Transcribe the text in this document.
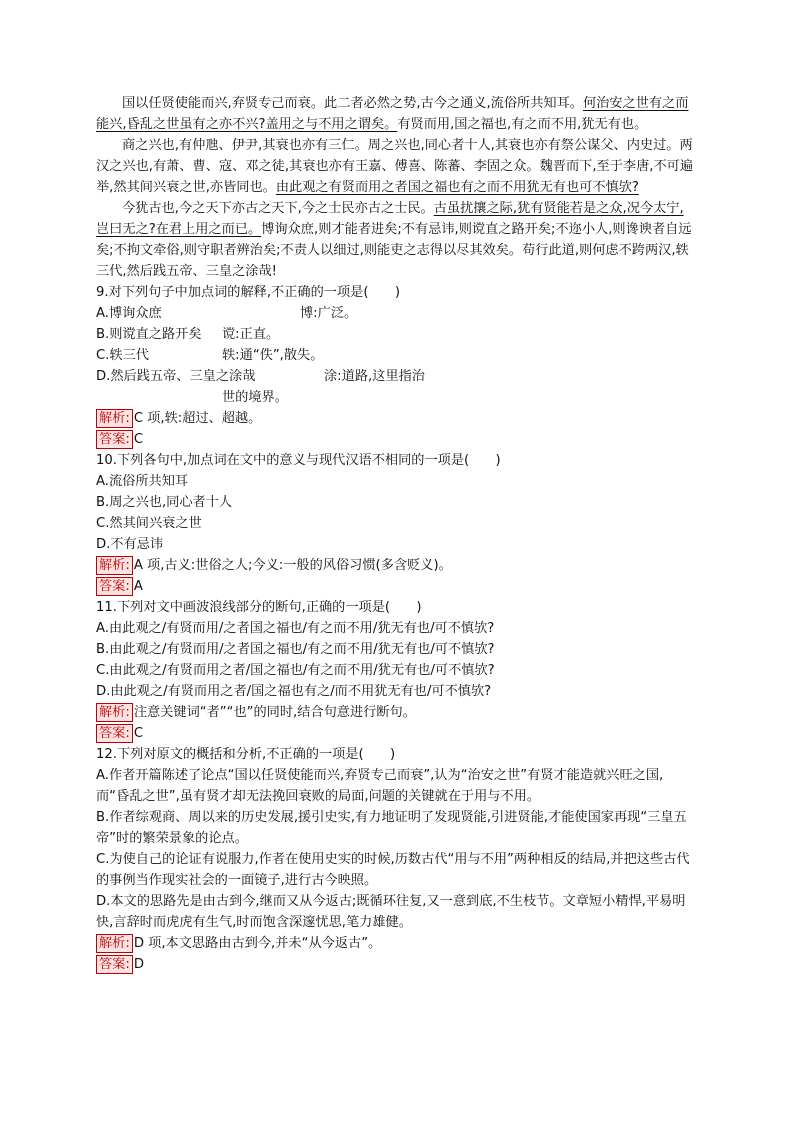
国以任贤使能而兴,弃贤专己而衰。此二者必然之势,古今之通义,流俗所共知耳。何治安之世有之而能兴,昏乱之世虽有之亦不兴?盖用之与不用之谓矣。有贤而用,国之福也,有之而不用,犹无有也。

商之兴也,有仲虺、伊尹,其衰也亦有三仁。周之兴也,同心者十人,其衰也亦有祭公谋父、内史过。两汉之兴也,有萧、曹、寇、邓之徒,其衰也亦有王嘉、傅喜、陈蕃、李固之众。魏晋而下,至于李唐,不可遍举,然其间兴衰之世,亦皆同也。由此观之有贤而用之者国之福也有之而不用犹无有也可不慎欤?

今犹古也,今之天下亦古之天下,今之士民亦古之士民。古虽扰攘之际,犹有贤能若是之众,况今太宁,岂曰无之?在君上用之而已。博询众庶,则才能者进矣;不有忌讳,则谠直之路开矣;不迩小人,则谗谀者自远矣;不拘文牵俗,则守职者辨治矣;不责人以细过,则能吏之志得以尽其效矣。苟行此道,则何虑不跨两汉,轶三代,然后践五帝、三皇之涂哉!

9.对下列句子中加点词的解释,不正确的一项是(　　)

A.博询众庶	博:广泛。

B.则谠直之路开矣 谠:正直。

C.轶三代	轶:通“佚”,散失。

D.然后践五帝、三皇之涂哉	涂:道路,这里指治

世的境界。

解析: C 项,轶:超过、超越。

答案: C

10.下列各句中,加点词在文中的意义与现代汉语不相同的一项是(　　)

A.流俗所共知耳

B.周之兴也,同心者十人

C.然其间兴衰之世

D.不有忌讳

解析: A 项,古义:世俗之人;今义:一般的风俗习惯(多含贬义)。

答案: A

11.下列对文中画波浪线部分的断句,正确的一项是(　　)

A.由此观之/有贤而用/之者国之福也/有之而不用/犹无有也/可不慎欤?

B.由此观之/有贤而用/之者国之福也/有之而不用/犹无有也/可不慎欤?

C.由此观之/有贤而用之者/国之福也/有之而不用/犹无有也/可不慎欤?

D.由此观之/有贤而用之者/国之福也有之/而不用犹无有也/可不慎欤?

解析: 注意关键词“者”“也”的同时,结合句意进行断句。

答案: C

12.下列对原文的概括和分析,不正确的一项是(　　)

A.作者开篇陈述了论点“国以任贤使能而兴,弃贤专己而衰”,认为“治安之世”有贤才能造就兴旺之国,而“昏乱之世”,虽有贤才却无法挽回衰败的局面,问题的关键就在于用与不用。

B.作者综观商、周以来的历史发展,援引史实,有力地证明了发现贤能,引进贤能,才能使国家再现“三皇五帝”时的繁荣景象的论点。

C.为使自己的论证有说服力,作者在使用史实的时候,历数古代“用与不用”两种相反的结局,并把这些古代的事例当作现实社会的一面镜子,进行古今映照。

D.本文的思路先是由古到今,继而又从今返古;既循环往复,又一意到底,不生枝节。文章短小精悍,平易明快,言辞时而虎虎有生气,时而饱含深邃忧思,笔力雄健。

解析: D 项,本文思路由古到今,并未“从今返古”。

答案: D
